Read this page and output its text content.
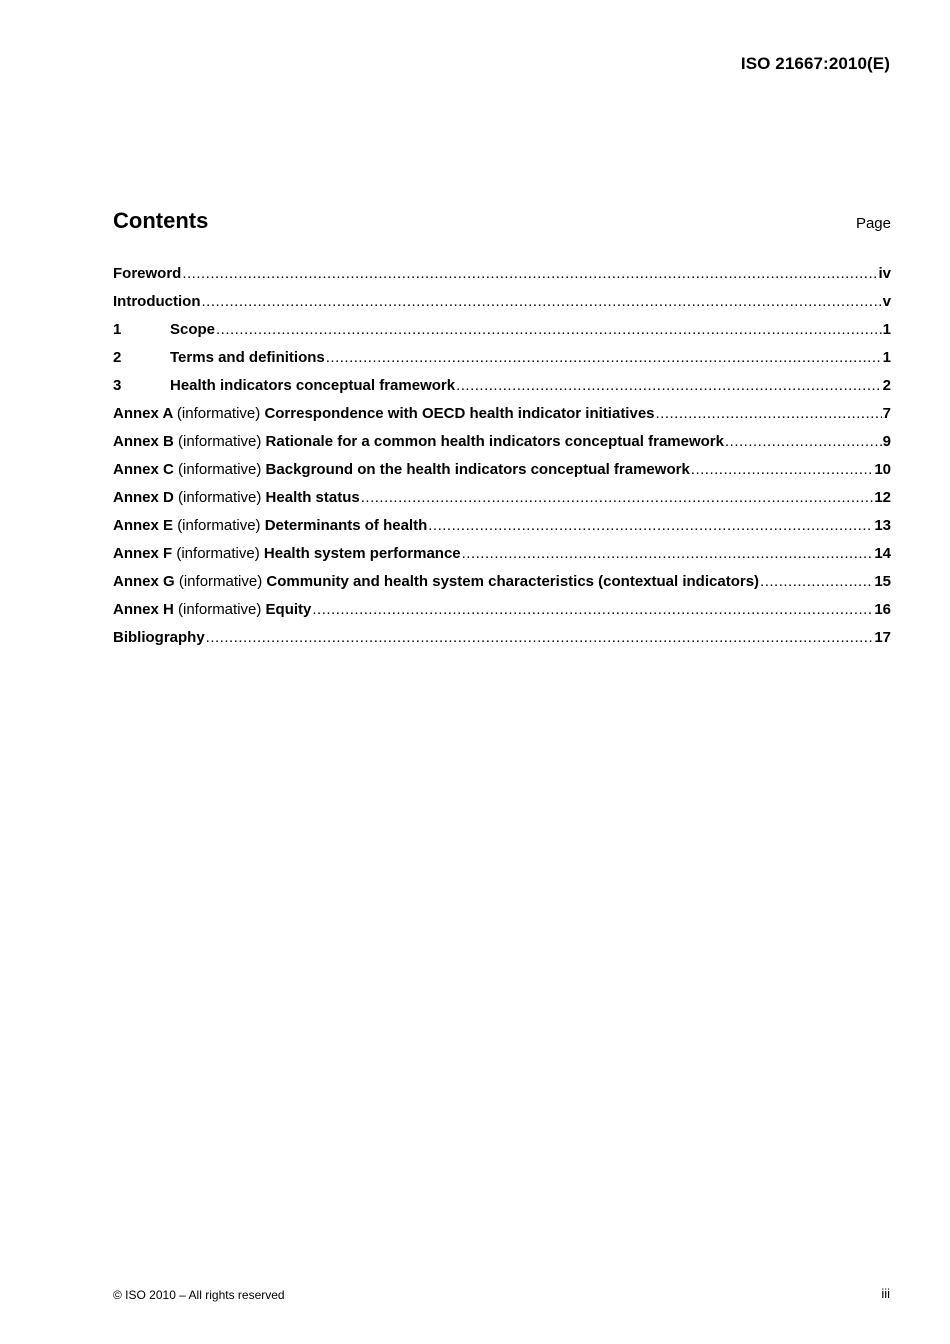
ISO 21667:2010(E)
Contents	Page
Foreword .....	iv
Introduction .....	v
1	Scope .....	1
2	Terms and definitions .....	1
3	Health indicators conceptual framework .....	2
Annex A (informative) Correspondence with OECD health indicator initiatives .....	7
Annex B (informative) Rationale for a common health indicators conceptual framework .....	9
Annex C (informative) Background on the health indicators conceptual framework .....	10
Annex D (informative) Health status .....	12
Annex E (informative) Determinants of health .....	13
Annex F (informative) Health system performance .....	14
Annex G (informative) Community and health system characteristics (contextual indicators) .....	15
Annex H (informative) Equity .....	16
Bibliography .....	17
© ISO 2010 – All rights reserved	iii
